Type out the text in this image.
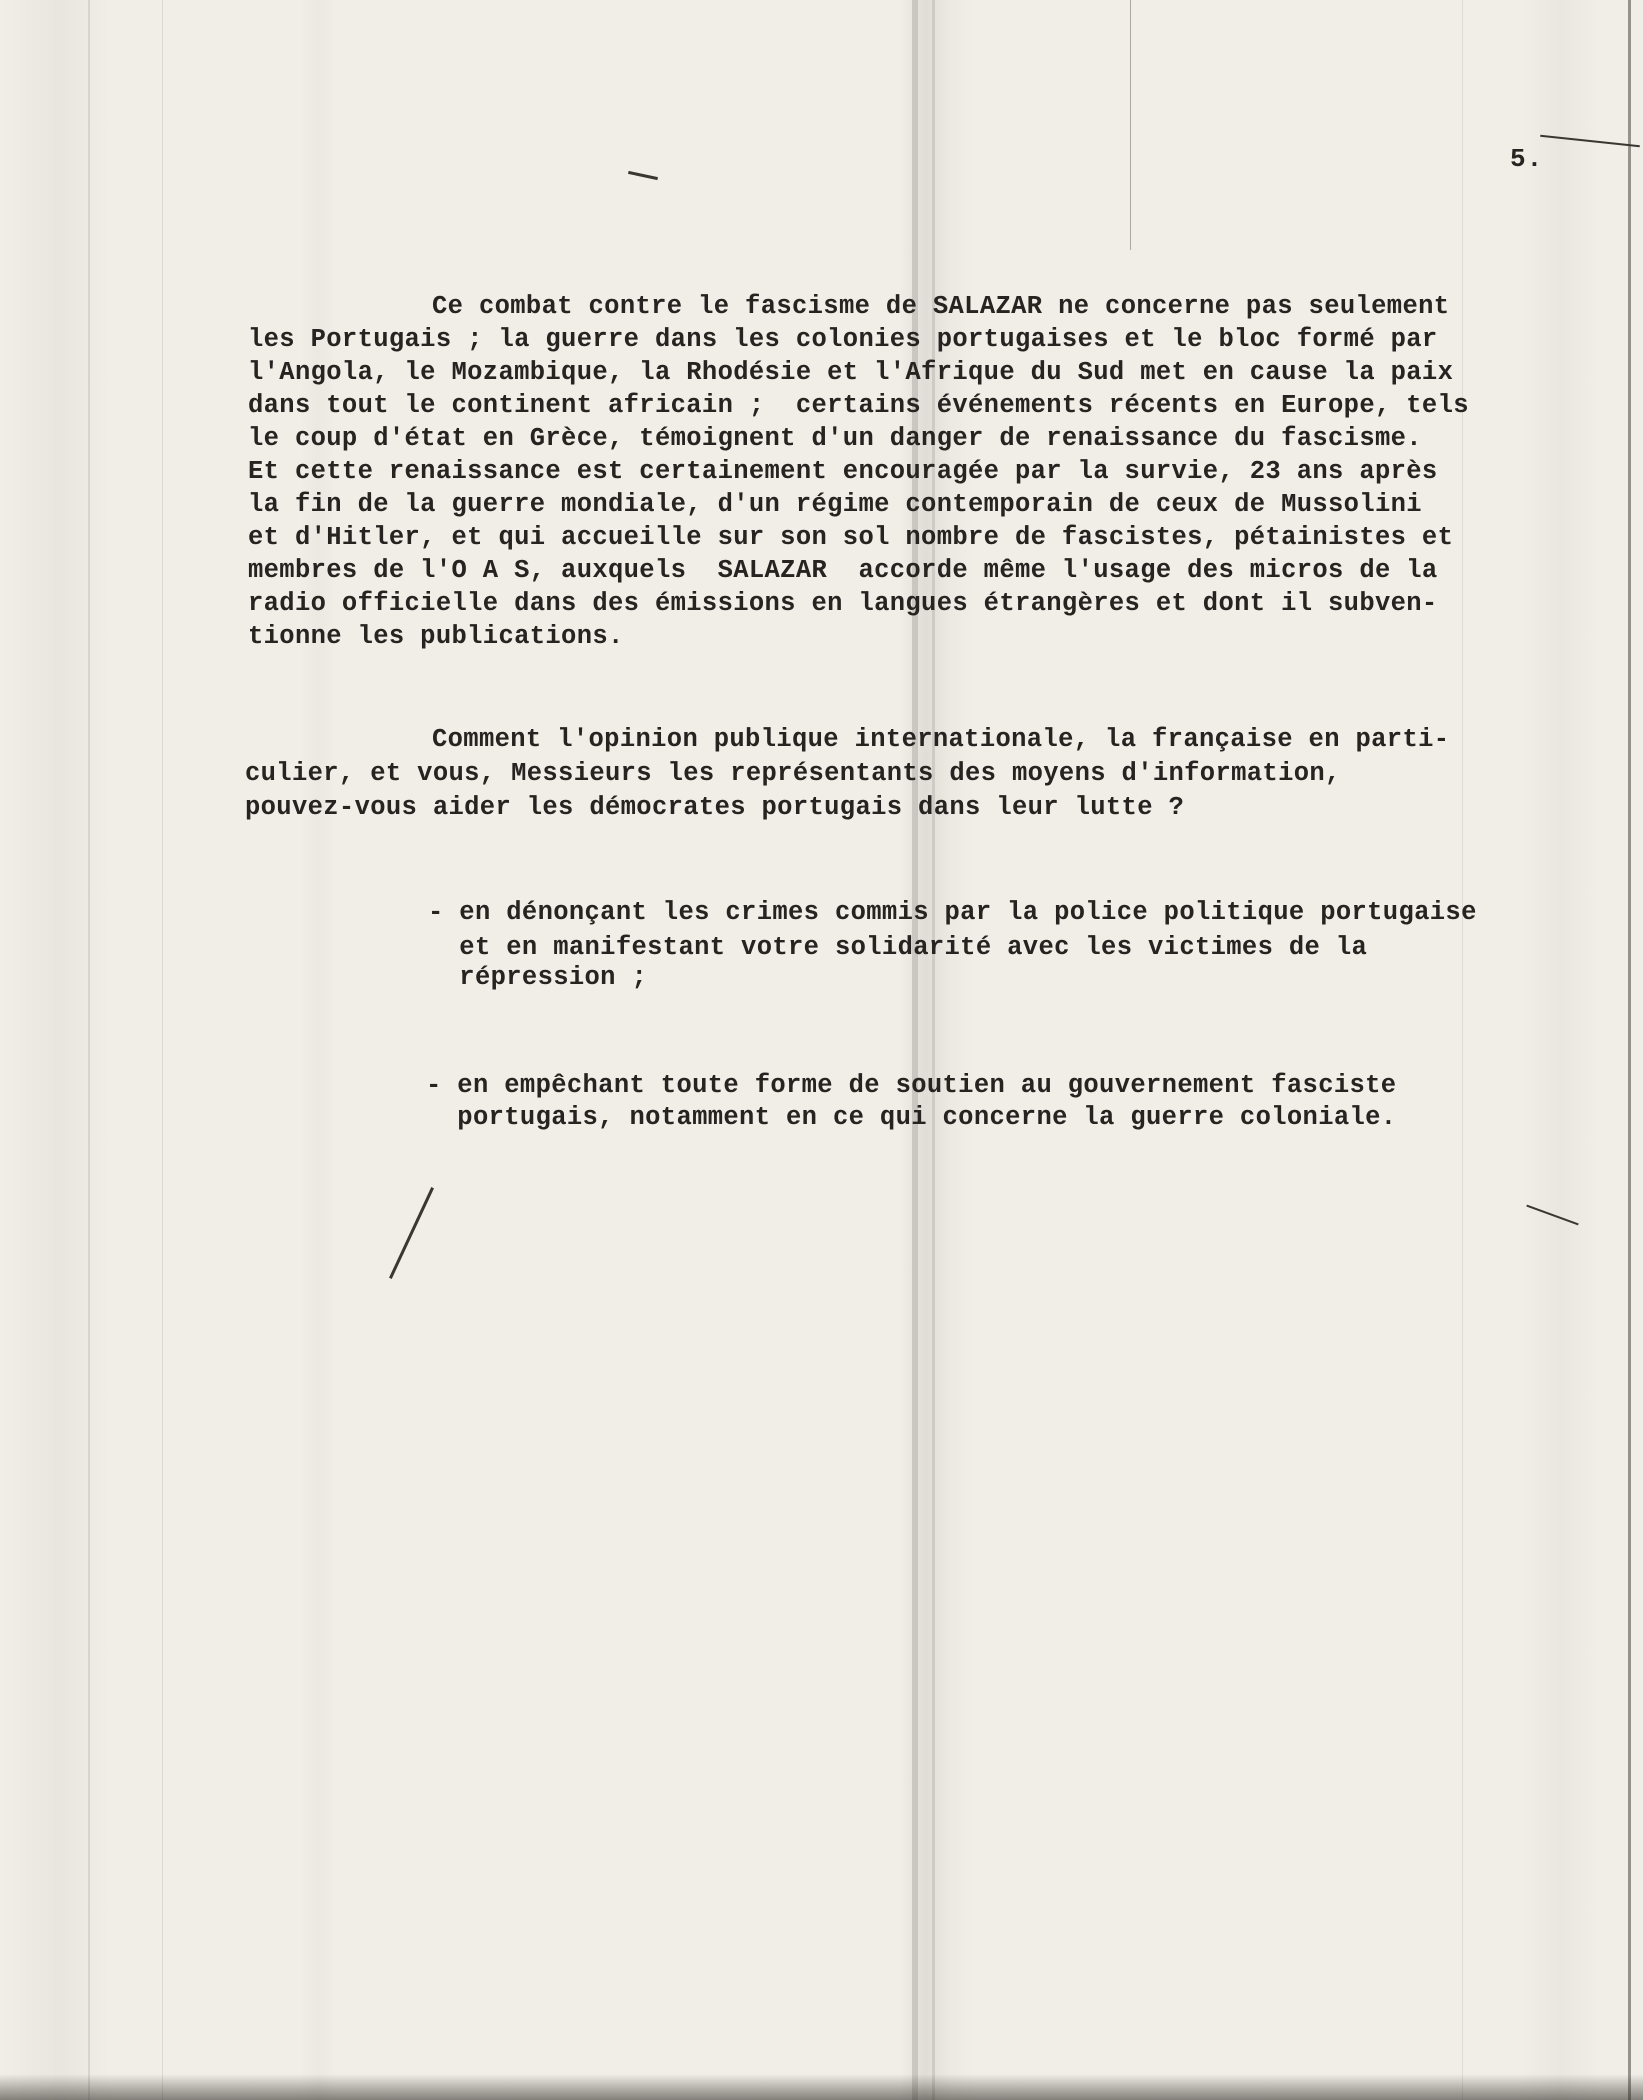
5.
Ce combat contre le fascisme de SALAZAR ne concerne pas seulement
les Portugais ; la guerre dans les colonies portugaises et le bloc formé par
l'Angola, le Mozambique, la Rhodésie et l'Afrique du Sud met en cause la paix
dans tout le continent africain ;  certains événements récents en Europe, tels
le coup d'état en Grèce, témoignent d'un danger de renaissance du fascisme.
Et cette renaissance est certainement encouragée par la survie, 23 ans après
la fin de la guerre mondiale, d'un régime contemporain de ceux de Mussolini
et d'Hitler, et qui accueille sur son sol nombre de fascistes, pétainistes et
membres de l'O A S, auxquels  SALAZAR  accorde même l'usage des micros de la
radio officielle dans des émissions en langues étrangères et dont il subven-
tionne les publications.
Comment l'opinion publique internationale, la française en parti-
culier, et vous, Messieurs les représentants des moyens d'information,
pouvez-vous aider les démocrates portugais dans leur lutte ?
- en dénonçant les crimes commis par la police politique portugaise
et en manifestant votre solidarité avec les victimes de la
répression ;
- en empêchant toute forme de soutien au gouvernement fasciste
portugais, notamment en ce qui concerne la guerre coloniale.
